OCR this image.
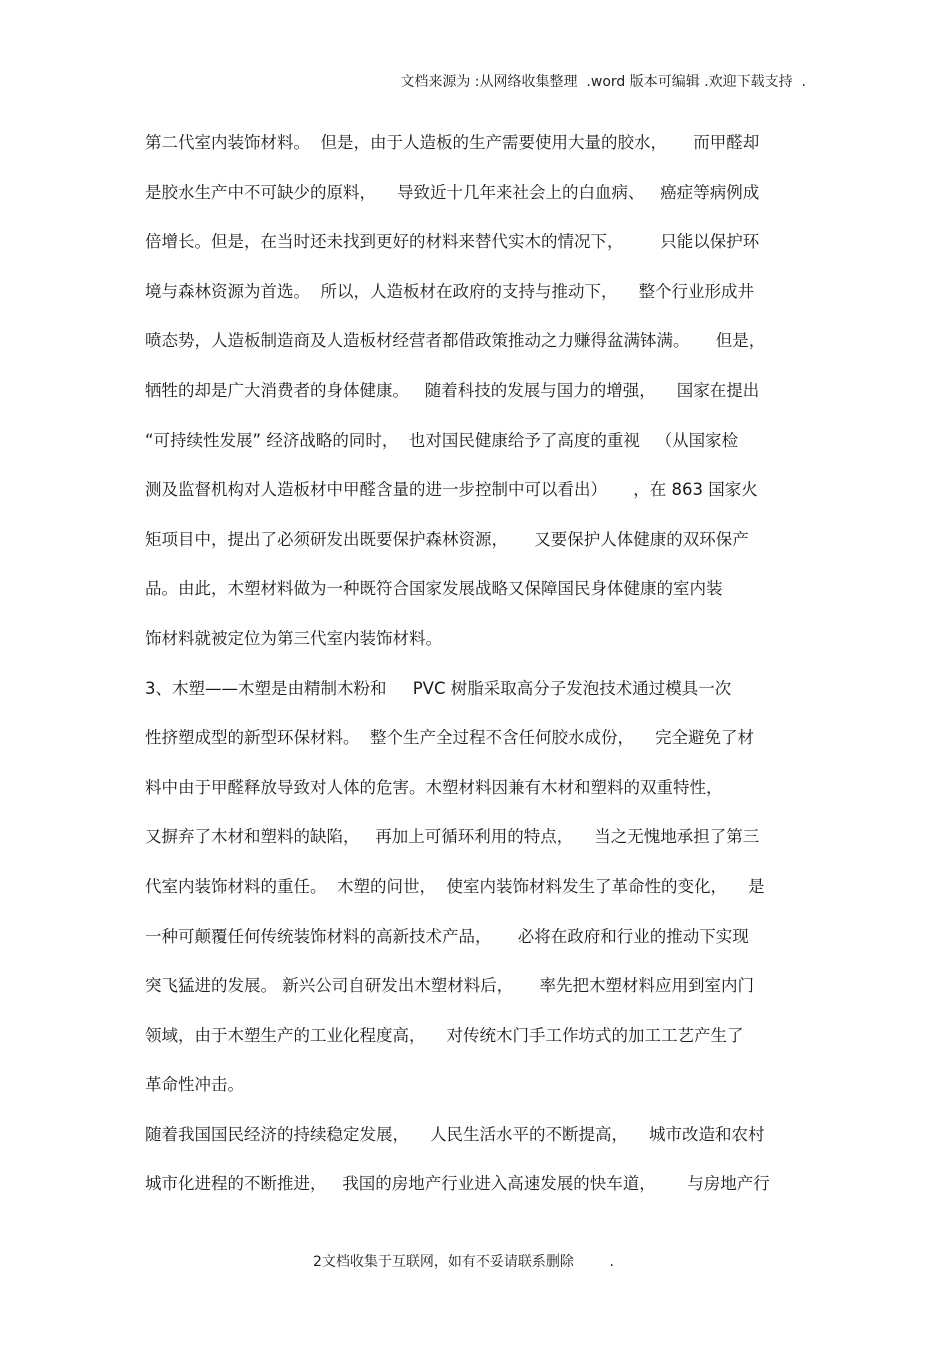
文档来源为 :从网络收集整理  .word 版本可编辑 .欢迎下载支持  .
第二代室内装饰材料。  但是，由于人造板的生产需要使用大量的胶水，     而甲醛却
是胶水生产中不可缺少的原料，    导致近十几年来社会上的白血病、   癌症等病例成
倍增长。但是，在当时还未找到更好的材料来替代实木的情况下，       只能以保护环
境与森林资源为首选。  所以，人造板材在政府的支持与推动下，    整个行业形成井
喷态势，人造板制造商及人造板材经营者都借政策推动之力赚得盆满钵满。     但是，
牺牲的却是广大消费者的身体健康。   随着科技的发展与国力的增强，    国家在提出
“可持续性发展” 经济战略的同时，  也对国民健康给予了高度的重视   （从国家检
测及监督机构对人造板材中甲醛含量的进一步控制中可以看出）     ，在 863 国家火
矩项目中，提出了必须研发出既要保护森林资源，     又要保护人体健康的双环保产
品。由此，木塑材料做为一种既符合国家发展战略又保障国民身体健康的室内装
饰材料就被定位为第三代室内装饰材料。
3、木塑——木塑是由精制木粉和     PVC 树脂采取高分子发泡技术通过模具一次
性挤塑成型的新型环保材料。  整个生产全过程不含任何胶水成份，    完全避免了材
料中由于甲醛释放导致对人体的危害。木塑材料因兼有木材和塑料的双重特性，
又摒弃了木材和塑料的缺陷，   再加上可循环利用的特点，    当之无愧地承担了第三
代室内装饰材料的重任。  木塑的问世，  使室内装饰材料发生了革命性的变化，    是
一种可颠覆任何传统装饰材料的高新技术产品，     必将在政府和行业的推动下实现
突飞猛进的发展。 新兴公司自研发出木塑材料后，     率先把木塑材料应用到室内门
领域，由于木塑生产的工业化程度高，    对传统木门手工作坊式的加工工艺产生了
革命性冲击。
随着我国国民经济的持续稳定发展，    人民生活水平的不断提高，    城市改造和农村
城市化进程的不断推进，   我国的房地产行业进入高速发展的快车道，      与房地产行
2文档收集于互联网，如有不妥请联系删除        .
